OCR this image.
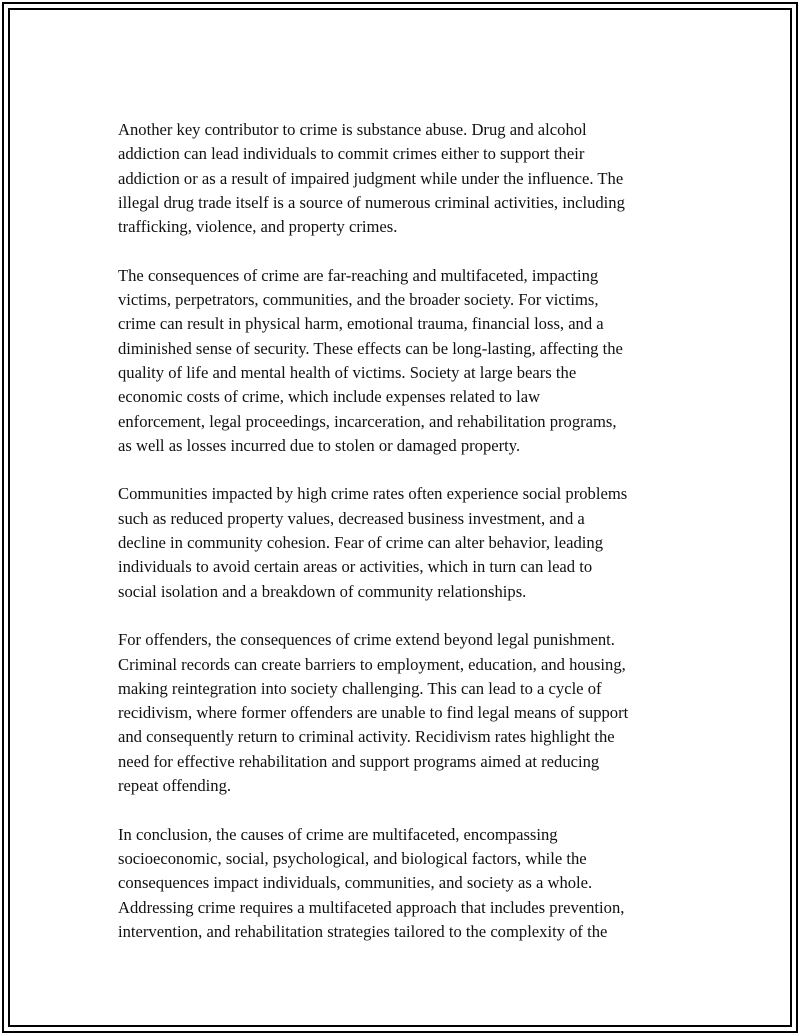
Another key contributor to crime is substance abuse. Drug and alcohol
addiction can lead individuals to commit crimes either to support their
addiction or as a result of impaired judgment while under the influence. The
illegal drug trade itself is a source of numerous criminal activities, including
trafficking, violence, and property crimes.

The consequences of crime are far-reaching and multifaceted, impacting
victims, perpetrators, communities, and the broader society. For victims,
crime can result in physical harm, emotional trauma, financial loss, and a
diminished sense of security. These effects can be long-lasting, affecting the
quality of life and mental health of victims. Society at large bears the
economic costs of crime, which include expenses related to law
enforcement, legal proceedings, incarceration, and rehabilitation programs,
as well as losses incurred due to stolen or damaged property.

Communities impacted by high crime rates often experience social problems
such as reduced property values, decreased business investment, and a
decline in community cohesion. Fear of crime can alter behavior, leading
individuals to avoid certain areas or activities, which in turn can lead to
social isolation and a breakdown of community relationships.

For offenders, the consequences of crime extend beyond legal punishment.
Criminal records can create barriers to employment, education, and housing,
making reintegration into society challenging. This can lead to a cycle of
recidivism, where former offenders are unable to find legal means of support
and consequently return to criminal activity. Recidivism rates highlight the
need for effective rehabilitation and support programs aimed at reducing
repeat offending.

In conclusion, the causes of crime are multifaceted, encompassing
socioeconomic, social, psychological, and biological factors, while the
consequences impact individuals, communities, and society as a whole.
Addressing crime requires a multifaceted approach that includes prevention,
intervention, and rehabilitation strategies tailored to the complexity of the
